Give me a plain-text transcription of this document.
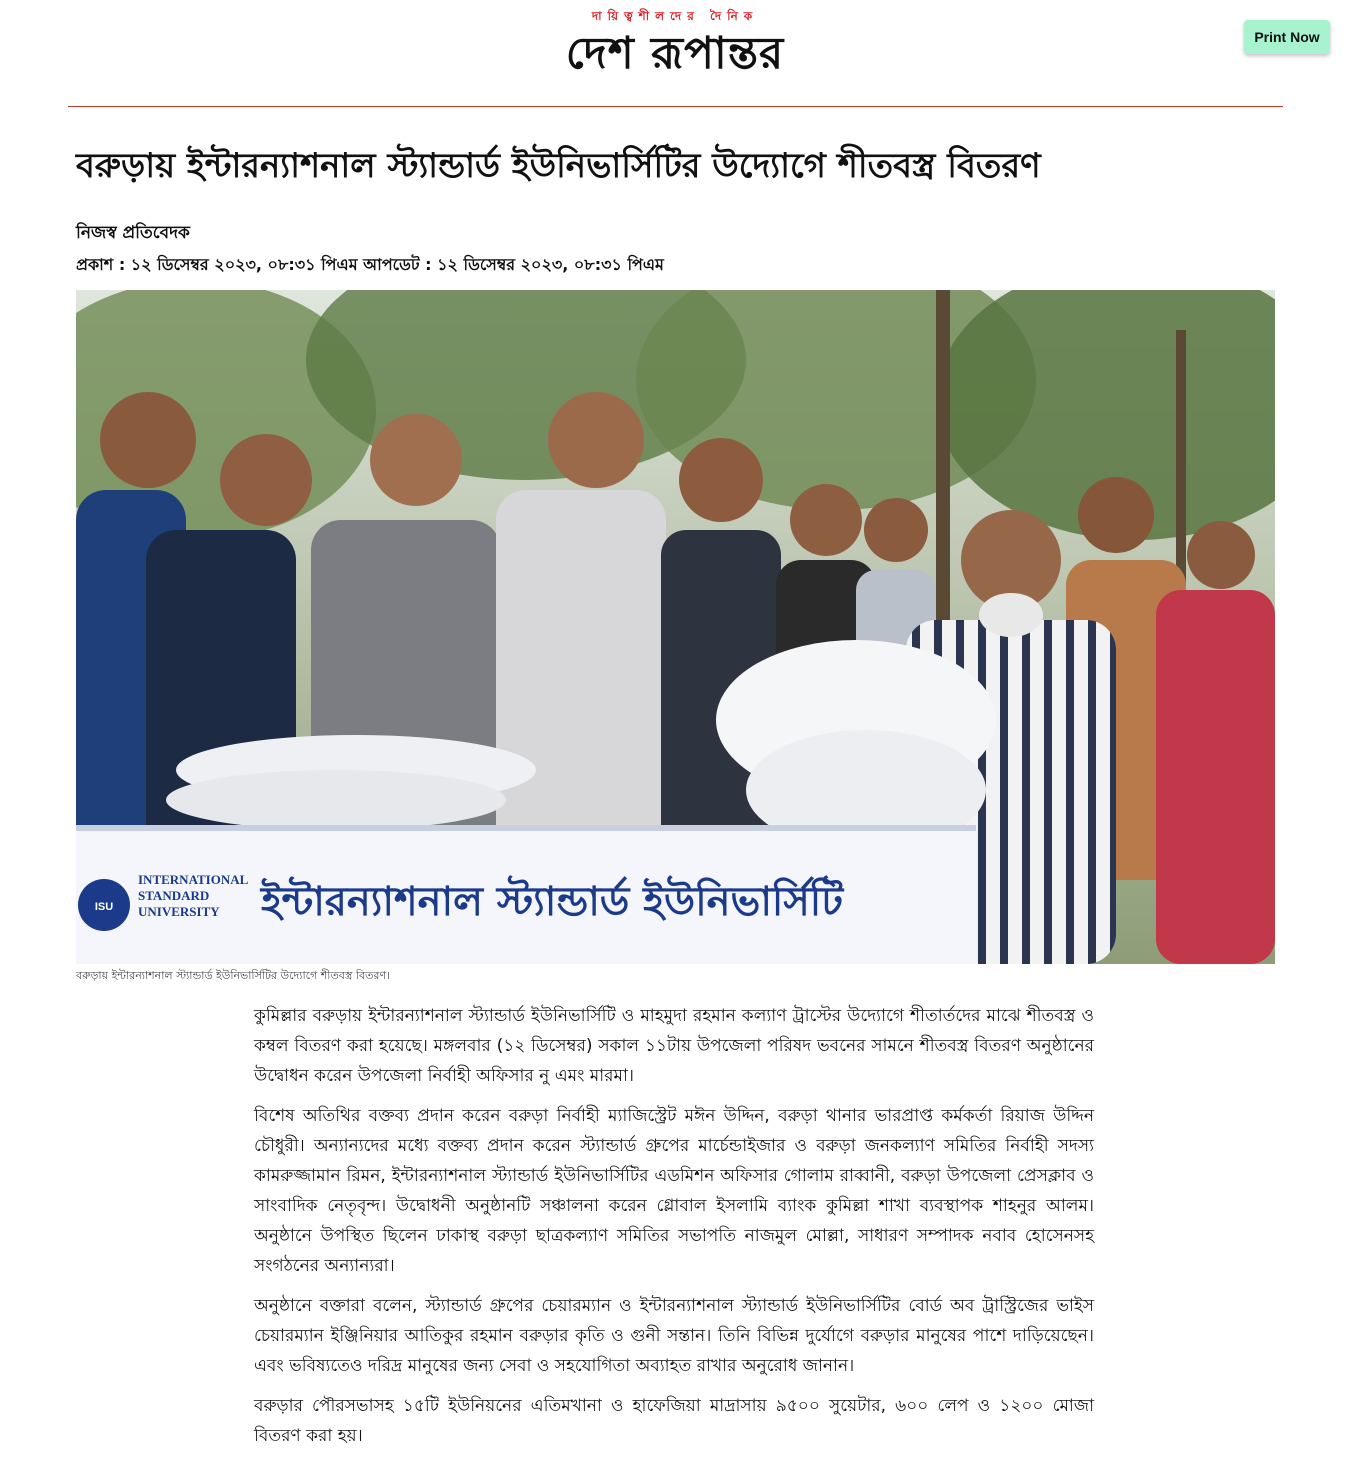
দায়িত্বশীলদের দৈনিক
দেশ রূপান্তর	Print Now
বরুড়ায় ইন্টারন্যাশনাল স্ট্যান্ডার্ড ইউনিভার্সিটির উদ্যোগে শীতবস্ত্র বিতরণ
নিজস্ব প্রতিবেদক
প্রকাশ : ১২ ডিসেম্বর ২০২৩, ০৮:৩১ পিএম আপডেট : ১২ ডিসেম্বর ২০২৩, ০৮:৩১ পিএম
ISU
INTERNATIONAL
STANDARD
UNIVERSITY ইন্টারন্যাশনাল স্ট্যান্ডার্ড ইউনিভার্সিটি
বরুড়ায় ইন্টারন্যাশনাল স্ট্যান্ডার্ড ইউনিভার্সিটির উদ্যোগে শীতবস্ত্র বিতরণ।

কুমিল্লার বরুড়ায় ইন্টারন্যাশনাল স্ট্যান্ডার্ড ইউনিভার্সিটি ও মাহমুদা রহমান কল্যাণ ট্রাস্টের উদ্যোগে শীতার্তদের মাঝে শীতবস্ত্র ও কম্বল বিতরণ করা হয়েছে। মঙ্গলবার (১২ ডিসেম্বর) সকাল ১১টায় উপজেলা পরিষদ ভবনের সামনে শীতবস্ত্র বিতরণ অনুষ্ঠানের উদ্বোধন করেন উপজেলা নির্বাহী অফিসার নু এমং মারমা।

বিশেষ অতিথির বক্তব্য প্রদান করেন বরুড়া নির্বাহী ম্যাজিস্ট্রেট মঈন উদ্দিন, বরুড়া থানার ভারপ্রাপ্ত কর্মকর্তা রিয়াজ উদ্দিন চৌধুরী। অন্যান্যদের মধ্যে বক্তব্য প্রদান করেন স্ট্যান্ডার্ড গ্রুপের মার্চেন্ডাইজার ও বরুড়া জনকল্যাণ সমিতির নির্বাহী সদস্য কামরুজ্জামান রিমন, ইন্টারন্যাশনাল স্ট্যান্ডার্ড ইউনিভার্সিটির এডমিশন অফিসার গোলাম রাব্বানী, বরুড়া উপজেলা প্রেসক্লাব ও সাংবাদিক নেতৃবৃন্দ। উদ্বোধনী অনুষ্ঠানটি সঞ্চালনা করেন গ্লোবাল ইসলামি ব্যাংক কুমিল্লা শাখা ব্যবস্থাপক শাহনুর আলম। অনুষ্ঠানে উপস্থিত ছিলেন ঢাকাস্থ বরুড়া ছাত্রকল্যাণ সমিতির সভাপতি নাজমুল মোল্লা, সাধারণ সম্পাদক নবাব হোসেনসহ সংগঠনের অন্যান্যরা।

অনুষ্ঠানে বক্তারা বলেন, স্ট্যান্ডার্ড গ্রুপের চেয়ারম্যান ও ইন্টারন্যাশনাল স্ট্যান্ডার্ড ইউনিভার্সিটির বোর্ড অব ট্রাস্ট্রিজের ভাইস চেয়ারম্যান ইঞ্জিনিয়ার আতিকুর রহমান বরুড়ার কৃতি ও গুনী সন্তান। তিনি বিভিন্ন দুর্যোগে বরুড়ার মানুষের পাশে দাড়িয়েছেন। এবং ভবিষ্যতেও দরিদ্র মানুষের জন্য সেবা ও সহযোগিতা অব্যাহত রাখার অনুরোধ জানান।

বরুড়ার পৌরসভাসহ ১৫টি ইউনিয়নের এতিমখানা ও হাফেজিয়া মাদ্রাসায় ৯৫০০ সুয়েটার, ৬০০ লেপ ও ১২০০ মোজা বিতরণ করা হয়।
